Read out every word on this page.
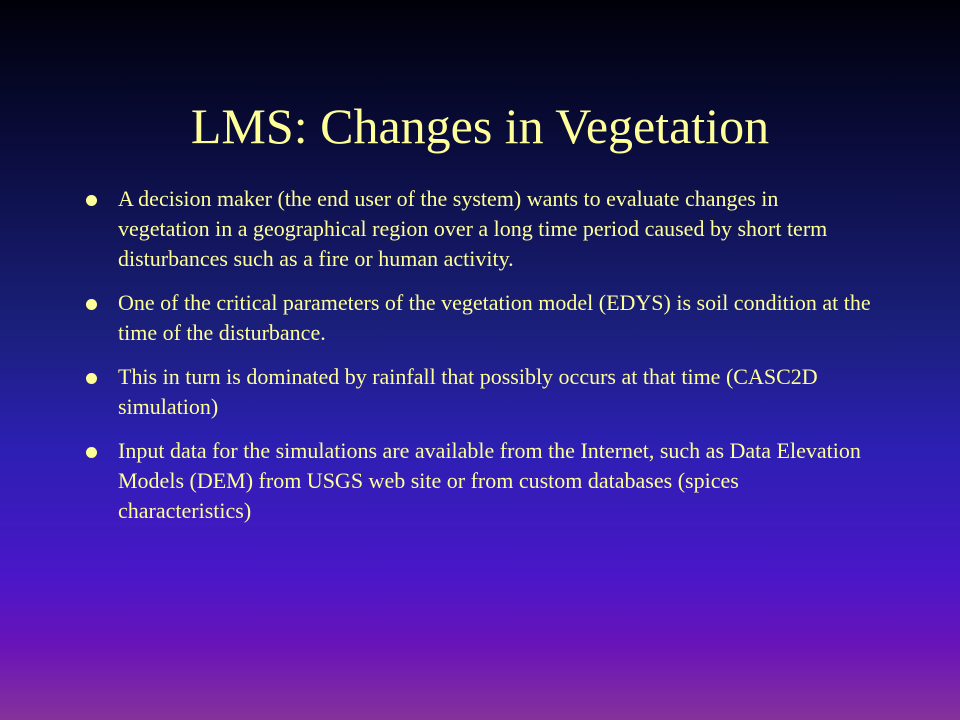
LMS: Changes in Vegetation
A decision maker (the end user of the system) wants to evaluate changes in vegetation in a geographical region over a long time period caused by short term disturbances such as a fire or human activity.
One of the critical parameters of the vegetation model (EDYS) is soil condition at the time of the disturbance.
This in turn is dominated by rainfall that possibly occurs at that time (CASC2D simulation)
Input data for the simulations are available from the Internet, such as Data Elevation Models (DEM) from USGS web site or from custom databases (spices characteristics)
